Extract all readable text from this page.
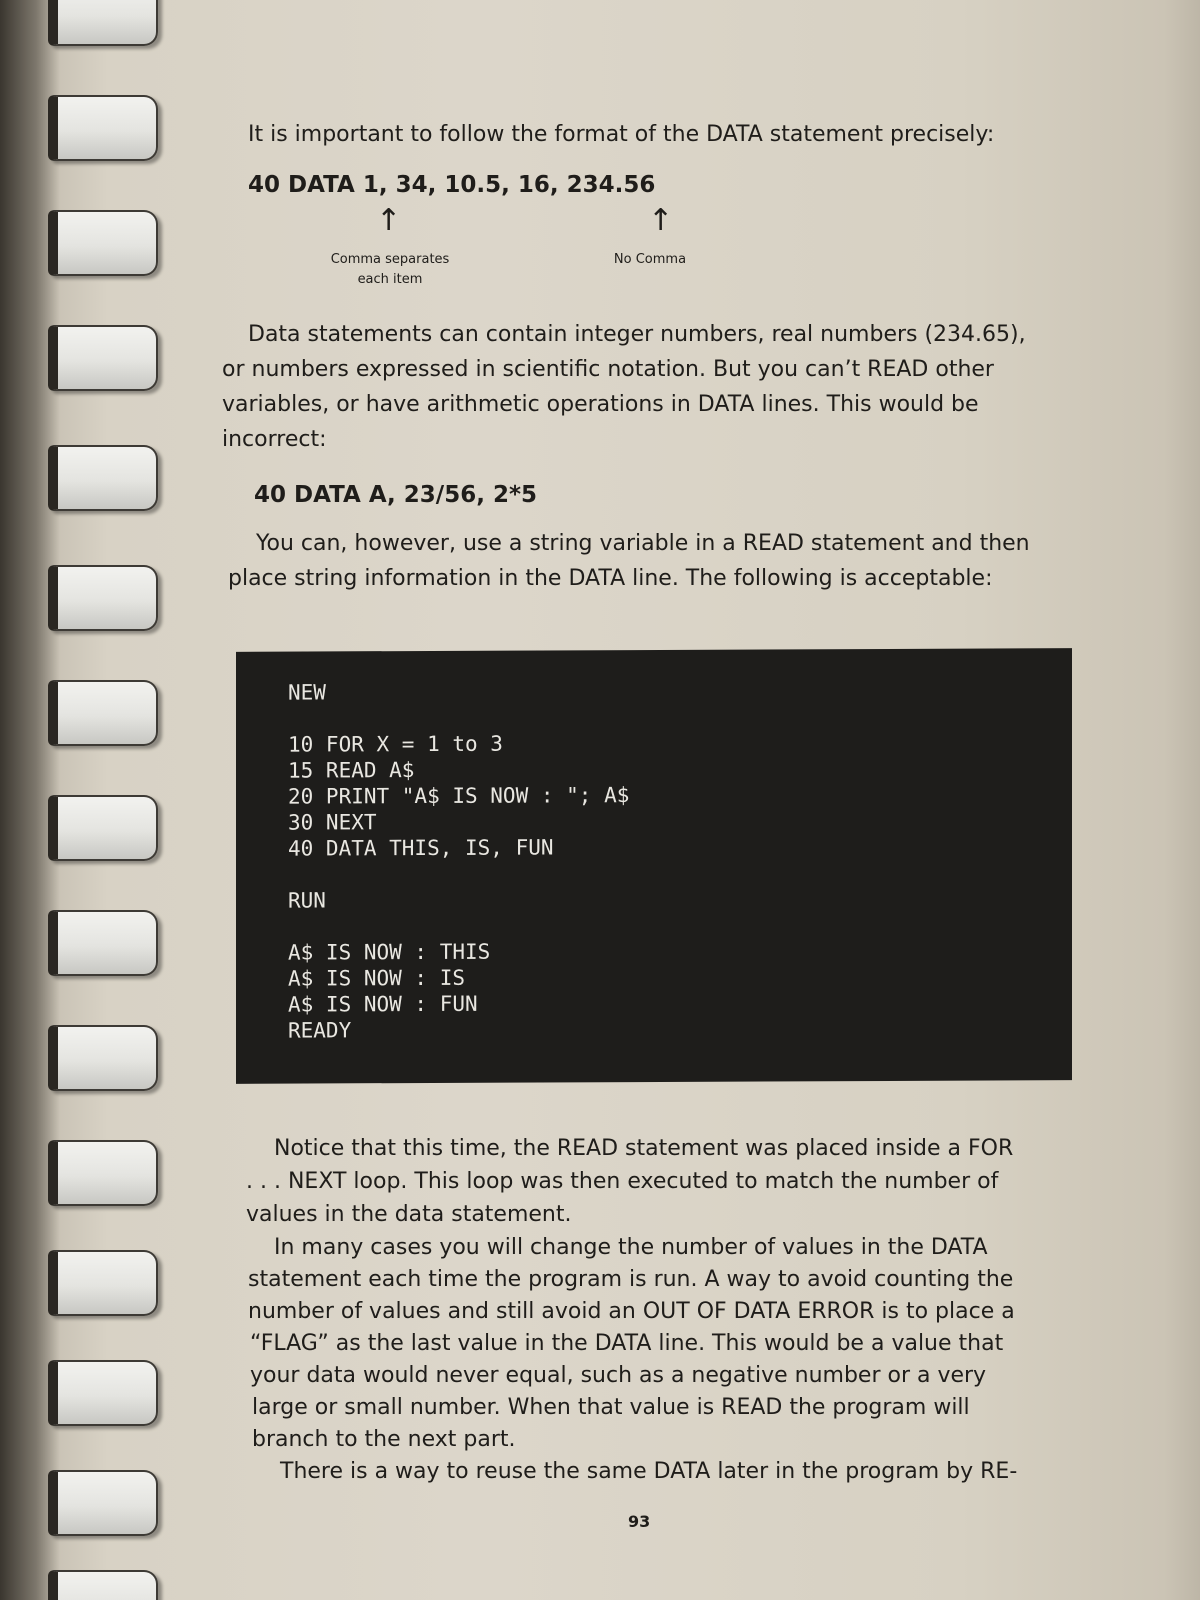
It is important to follow the format of the DATA statement precisely:
40 DATA 1, 34, 10.5, 16, 234.56
↑	↑
Comma separates
each item
No Comma
Data statements can contain integer numbers, real numbers (234.65),
or numbers expressed in scientific notation. But you can’t READ other
variables, or have arithmetic operations in DATA lines. This would be
incorrect:
40 DATA A, 23/56, 2*5
You can, however, use a string variable in a READ statement and then
place string information in the DATA line. The following is acceptable:
NEW

10 FOR X = 1 to 3
15 READ A$
20 PRINT "A$ IS NOW : "; A$
30 NEXT
40 DATA THIS, IS, FUN

RUN

A$ IS NOW : THIS
A$ IS NOW : IS
A$ IS NOW : FUN
READY
Notice that this time, the READ statement was placed inside a FOR
. . . NEXT loop. This loop was then executed to match the number of
values in the data statement.
In many cases you will change the number of values in the DATA
statement each time the program is run. A way to avoid counting the
number of values and still avoid an OUT OF DATA ERROR is to place a
“FLAG” as the last value in the DATA line. This would be a value that
your data would never equal, such as a negative number or a very
large or small number. When that value is READ the program will
branch to the next part.
There is a way to reuse the same DATA later in the program by RE-
93
